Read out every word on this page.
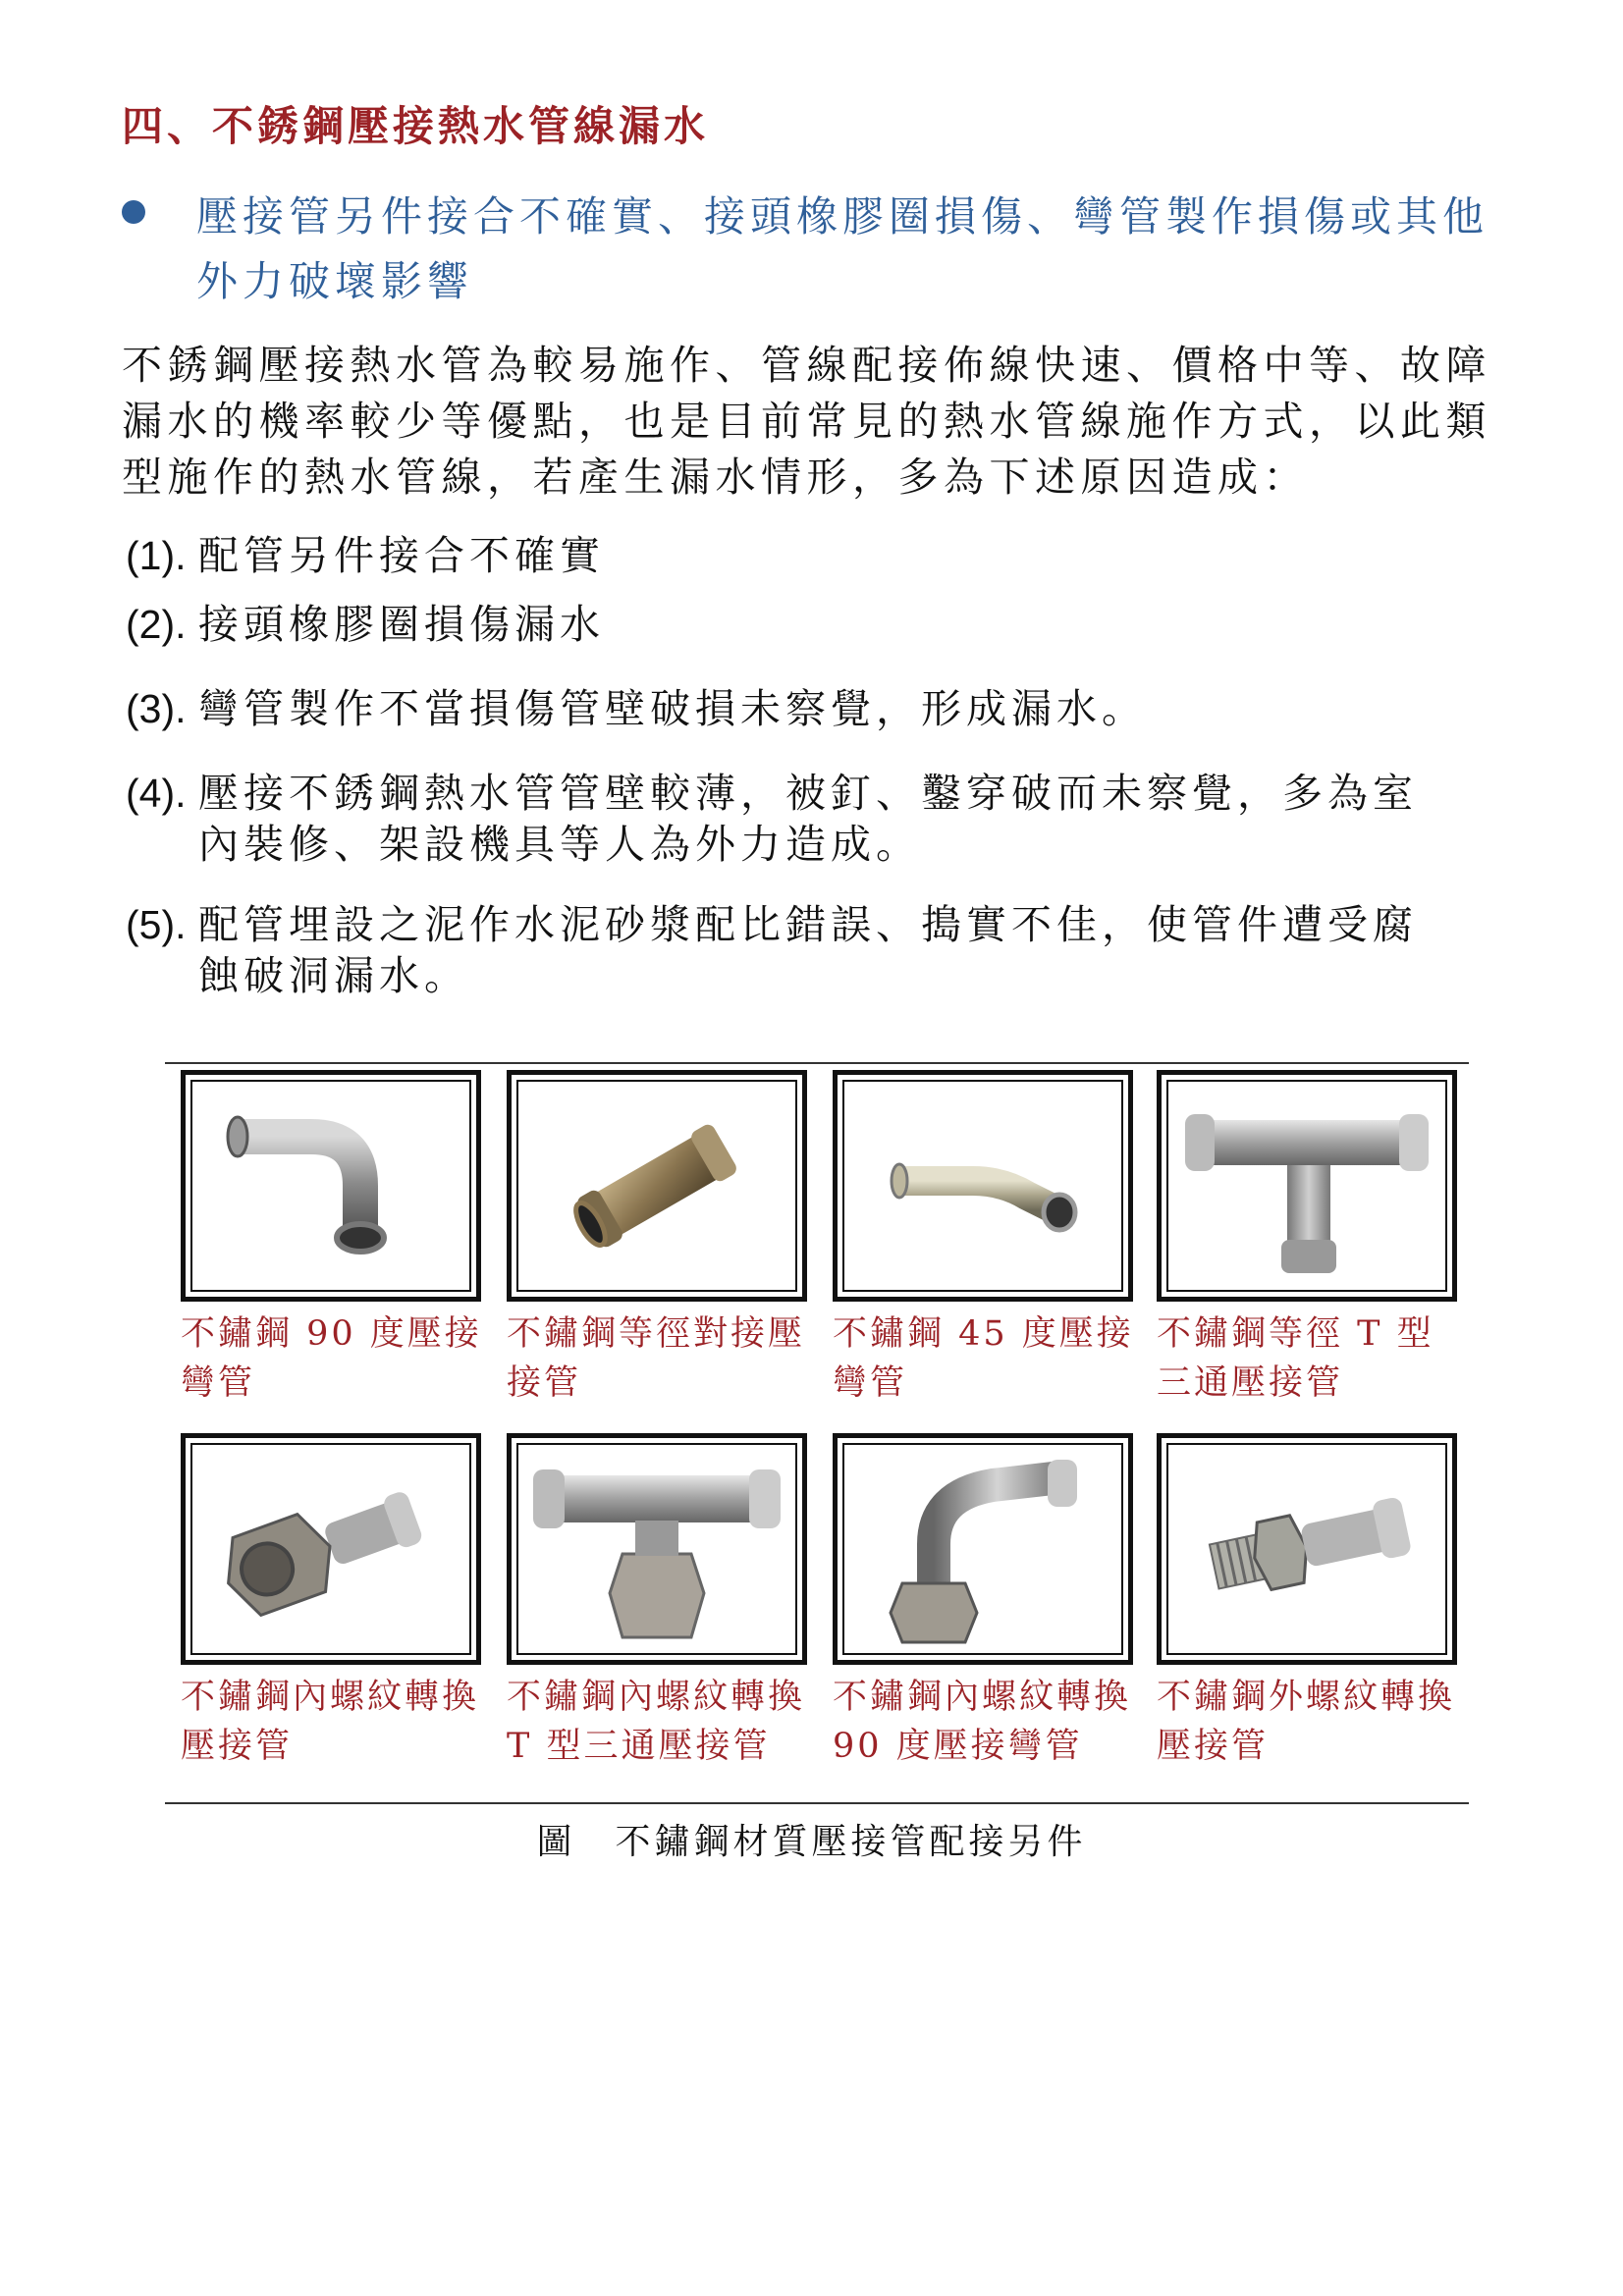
四、不銹鋼壓接熱水管線漏水
壓接管另件接合不確實、接頭橡膠圈損傷、彎管製作損傷或其他外力破壞影響
不銹鋼壓接熱水管為較易施作、管線配接佈線快速、價格中等、故障漏水的機率較少等優點，也是目前常見的熱水管線施作方式，以此類型施作的熱水管線，若產生漏水情形，多為下述原因造成：
(1). 配管另件接合不確實
(2). 接頭橡膠圈損傷漏水
(3). 彎管製作不當損傷管壁破損未察覺，形成漏水。
(4). 壓接不銹鋼熱水管管壁較薄，被釘、鑿穿破而未察覺，多為室內裝修、架設機具等人為外力造成。
(5). 配管埋設之泥作水泥砂漿配比錯誤、搗實不佳，使管件遭受腐蝕破洞漏水。
不鏽鋼 90 度壓接彎管
不鏽鋼等徑對接壓接管
不鏽鋼 45 度壓接彎管
不鏽鋼等徑 T 型三通壓接管
不鏽鋼內螺紋轉換壓接管
不鏽鋼內螺紋轉換 T 型三通壓接管
不鏽鋼內螺紋轉換 90 度壓接彎管
不鏽鋼外螺紋轉換壓接管
圖　不鏽鋼材質壓接管配接另件
